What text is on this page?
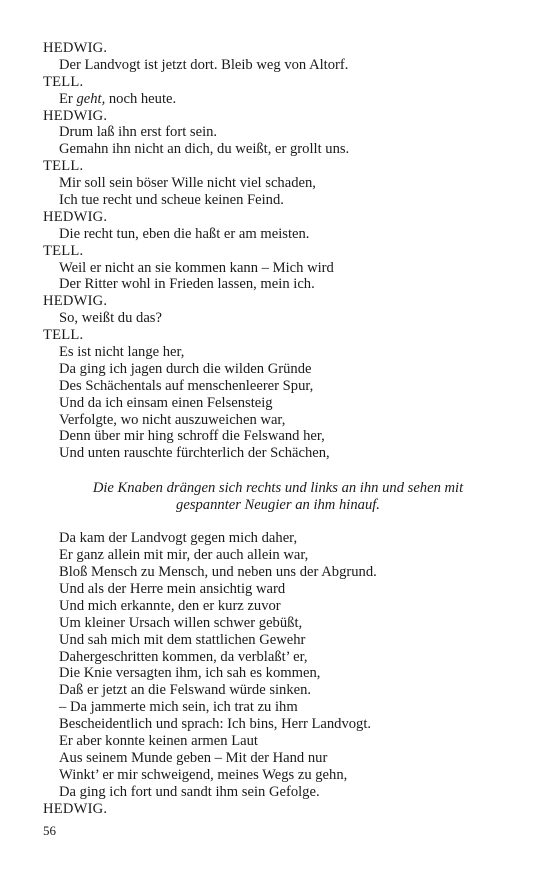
HEDWIG.
Der Landvogt ist jetzt dort. Bleib weg von Altorf.
TELL.
Er geht, noch heute.
HEDWIG.
Drum laß ihn erst fort sein.
Gemahn ihn nicht an dich, du weißt, er grollt uns.
TELL.
Mir soll sein böser Wille nicht viel schaden,
Ich tue recht und scheue keinen Feind.
HEDWIG.
Die recht tun, eben die haßt er am meisten.
TELL.
Weil er nicht an sie kommen kann – Mich wird
Der Ritter wohl in Frieden lassen, mein ich.
HEDWIG.
So, weißt du das?
TELL.
Es ist nicht lange her,
Da ging ich jagen durch die wilden Gründe
Des Schächentals auf menschenleerer Spur,
Und da ich einsam einen Felsensteig
Verfolgte, wo nicht auszuweichen war,
Denn über mir hing schroff die Felswand her,
Und unten rauschte fürchterlich der Schächen,
Die Knaben drängen sich rechts und links an ihn und sehen mit
gespannter Neugier an ihm hinauf.
Da kam der Landvogt gegen mich daher,
Er ganz allein mit mir, der auch allein war,
Bloß Mensch zu Mensch, und neben uns der Abgrund.
Und als der Herre mein ansichtig ward
Und mich erkannte, den er kurz zuvor
Um kleiner Ursach willen schwer gebüßt,
Und sah mich mit dem stattlichen Gewehr
Dahergeschritten kommen, da verblaßt’ er,
Die Knie versagten ihm, ich sah es kommen,
Daß er jetzt an die Felswand würde sinken.
– Da jammerte mich sein, ich trat zu ihm
Bescheidentlich und sprach: Ich bins, Herr Landvogt.
Er aber konnte keinen armen Laut
Aus seinem Munde geben – Mit der Hand nur
Winkt’ er mir schweigend, meines Wegs zu gehn,
Da ging ich fort und sandt ihm sein Gefolge.
HEDWIG.
56
